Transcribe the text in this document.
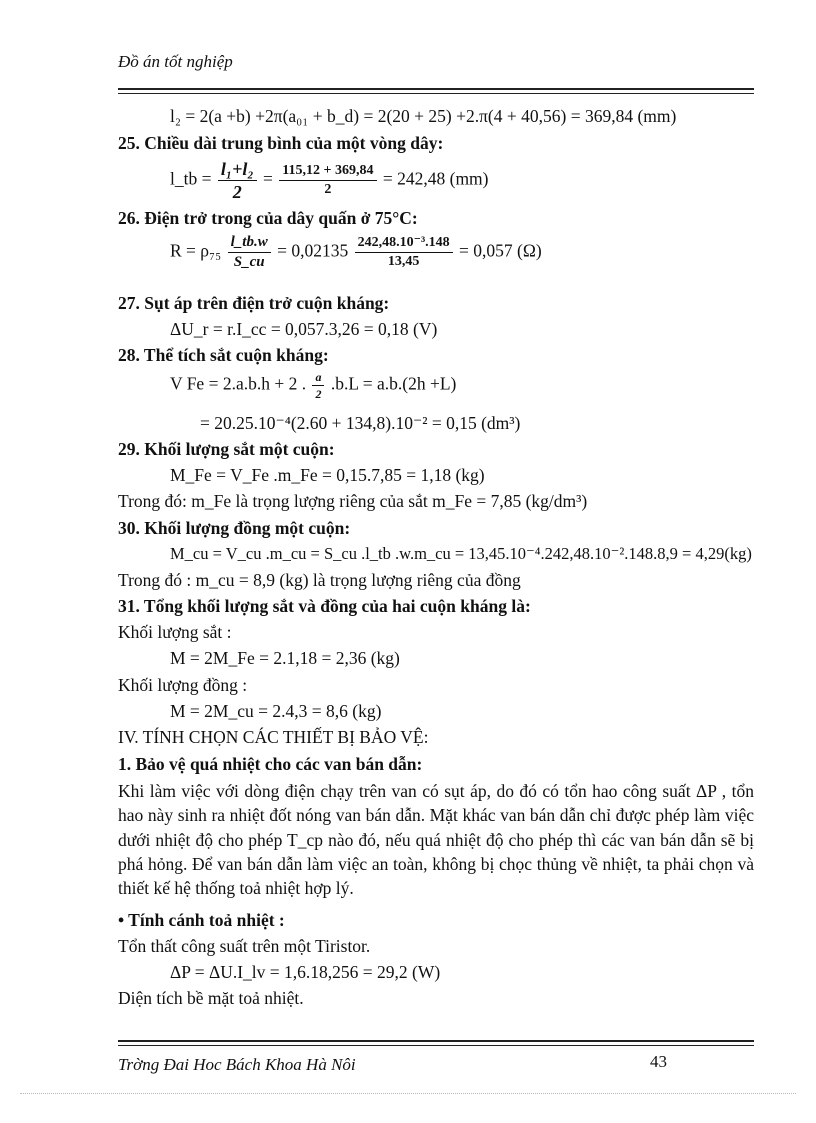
Đồ án tốt nghiệp
l₂ = 2(a +b) +2π(a₀₁ + b_d) = 2(20 + 25) +2.π(4 + 40,56) = 369,84 (mm)
25. Chiều dài trung bình của một vòng dây:
l_tb = $\frac{\text{l₁+l₂}}{2} = \frac{115,12 + 369,84}{2} = 242,48$ (mm)
26. Điện trở trong của dây quấn ở 75°C:
$R = \rho_{75} \frac{l\_tb.w}{S\_cu} = 0,02135 \frac{\text{242,48.10⁻³.148}}{13,45} = 0,057$ (Ω)
27. Sụt áp trên điện trở cuộn kháng:
ΔU_r = r.I_cc = 0,057.3,26 = 0,18 (V)
28. Thể tích sắt cuộn kháng:
V Fe = 2.a.b.h + 2 . $\frac{a}{2} .b.L = a.b.(2h +L)$
= 20.25.10⁻⁴(2.60 + 134,8).10⁻² = 0,15 (dm³)
29. Khối lượng sắt một cuộn:
M_Fe = V_Fe .m_Fe = 0,15.7,85 = 1,18 (kg)
Trong đó: m_Fe là trọng lượng riêng của sắt m_Fe = 7,85 (kg/dm³)
30. Khối lượng đồng một cuộn:
M_cu = V_cu .m_cu = S_cu .l_tb .w.m_cu = 13,45.10⁻⁴.242,48.10⁻².148.8,9 = 4,29(kg)
Trong đó : m_cu = 8,9 (kg) là trọng lượng riêng của đồng
31. Tổng khối lượng sắt và đồng của hai cuộn kháng là:
Khối lượng sắt :
M = 2M_Fe = 2.1,18 = 2,36 (kg)
Khối lượng đồng :
M = 2M_cu = 2.4,3 = 8,6 (kg)
IV. TÍNH CHỌN CÁC THIẾT BỊ BẢO VỆ:
1. Bảo vệ quá nhiệt cho các van bán dẫn:
Khi làm việc với dòng điện chạy trên van có sụt áp, do đó có tổn hao công suất ΔP , tổn hao này sinh ra nhiệt đốt nóng van bán dẫn. Mặt khác van bán dẫn chỉ được phép làm việc dưới nhiệt độ cho phép T_cp nào đó, nếu quá nhiệt độ cho phép thì các van bán dẫn sẽ bị phá hỏng. Để van bán dẫn làm việc an toàn, không bị chọc thủng về nhiệt, ta phải chọn và thiết kế hệ thống toả nhiệt hợp lý.
• Tính cánh toả nhiệt :
Tổn thất công suất trên một Tiristor.
ΔP = ΔU.I_lv = 1,6.18,256 = 29,2 (W)
Diện tích bề mặt toả nhiệt.
Trờng Đai Hoc Bách Khoa Hà Nôi	43
